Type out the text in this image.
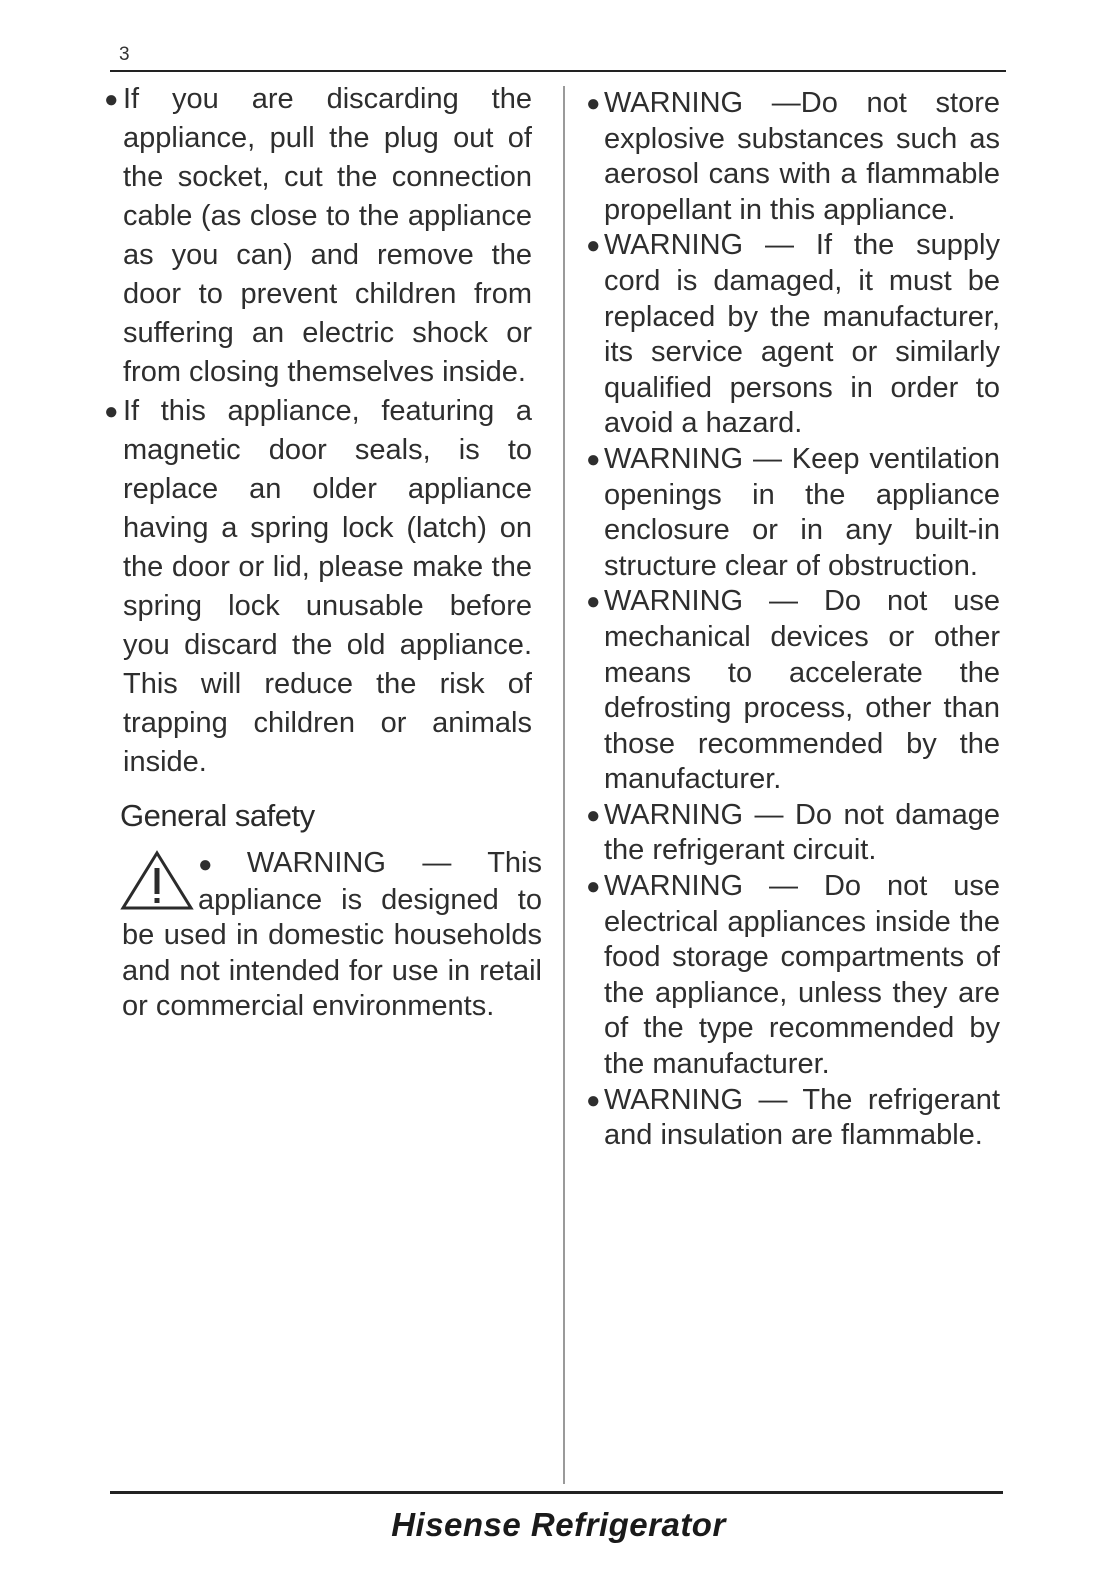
3

● If you are discarding the appliance, pull the plug out of the socket, cut the connection cable (as close to the appliance as you can) and remove the door to prevent children from suffering an electric shock or from closing themselves inside.

● If this appliance, featuring a magnetic door seals, is to replace an older appliance having a spring lock (latch) on the door or lid, please make the spring lock unusable before you discard the old appliance. This will reduce the risk of trapping children or animals inside.

General safety
● WARNING — This appliance is designed to be used in domestic households and not intended for use in retail or commercial environments.

● WARNING —Do not store explosive substances such as aerosol cans with a flammable propellant in this appliance.

● WARNING — If the supply cord is damaged, it must be replaced by the manufacturer, its service agent or similarly qualified persons in order to avoid a hazard.

● WARNING — Keep ventilation openings in the appliance enclosure or in any built-in structure clear of obstruction.

● WARNING — Do not use mechanical devices or other means to accelerate the defrosting process, other than those recommended by the manufacturer.

● WARNING — Do not damage the refrigerant circuit.

● WARNING — Do not use electrical appliances inside the food storage compartments of the appliance, unless they are of the type recommended by the manufacturer.

● WARNING — The refrigerant and insulation are flammable.

Hisense Refrigerator
